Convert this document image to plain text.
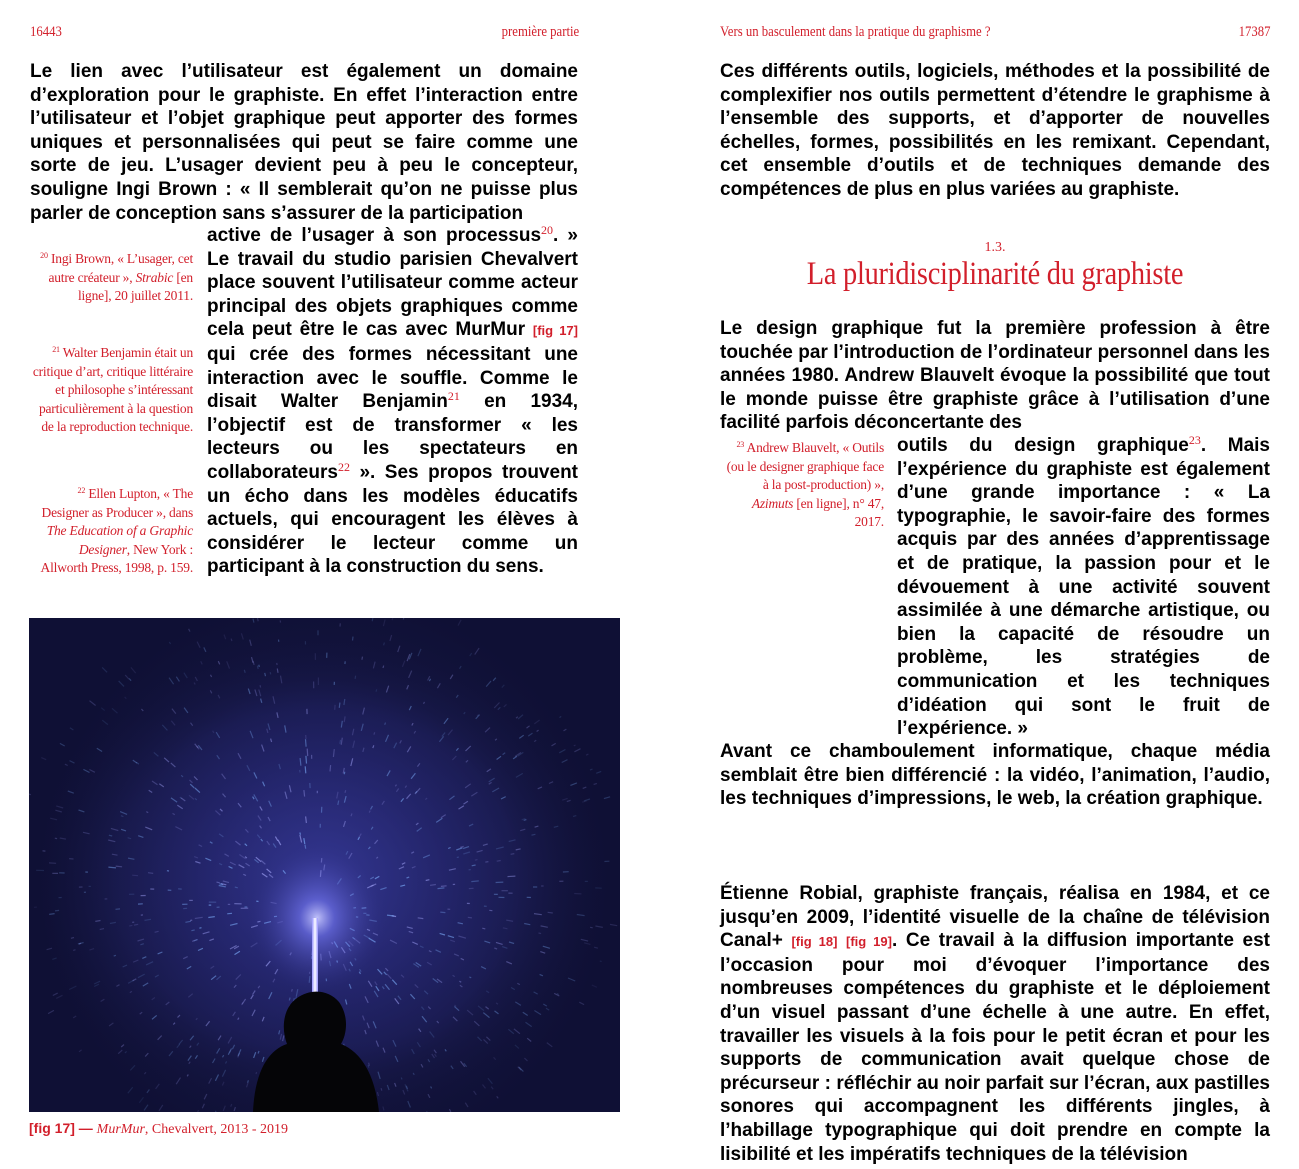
16443	première partie

Le lien avec l’utilisateur est également un domaine d’exploration pour le graphiste. En effet l’interaction entre l’utilisateur et l’objet graphique peut apporter des formes uniques et personnalisées qui peut se faire comme une sorte de jeu. L’usager devient peu à peu le concepteur, souligne Ingi Brown : « Il semblerait qu’on ne puisse plus parler de conception sans s’assurer de la participation

active de l’usager à son processus$^{20}$. » Le travail du studio parisien Chevalvert place souvent l’utilisateur comme acteur principal des objets graphiques comme cela peut être le cas avec MurMur [fig 17] qui crée des formes nécessitant une interaction avec le souffle. Comme le disait Walter Benjamin$^{21}$ en 1934, l’objectif est de transformer « les lecteurs ou les spectateurs en collaborateurs$^{22}$ ». Ses propos trouvent un écho dans les modèles éducatifs actuels, qui encouragent les élèves à considérer le lecteur comme un participant à la construction du sens.

$^{20}$ Ingi Brown, « L’usager, cet autre créateur », Strabic [en ligne], 20 juillet 2011.
$^{21}$ Walter Benjamin était un critique d’art, critique littéraire et philosophe s’intéressant particulièrement à la question de la reproduction technique.
$^{22}$ Ellen Lupton, « The Designer as Producer », dans The Education of a Graphic Designer, New York : Allworth Press, 1998, p. 159.
[fig 17] — MurMur, Chevalvert, 2013 - 2019
Vers un basculement dans la pratique du graphisme ?	17387

Ces différents outils, logiciels, méthodes et la possibilité de complexifier nos outils permettent d’étendre le graphisme à l’ensemble des supports, et d’apporter de nouvelles échelles, formes, possibilités en les remixant. Cependant, cet ensemble d’outils et de techniques demande des compétences de plus en plus variées au graphiste.

1.3.
La pluridisciplinarité du graphiste

Le design graphique fut la première profession à être touchée par l’introduction de l’ordinateur personnel dans les années 1980. Andrew Blauvelt évoque la possibilité que tout le monde puisse être graphiste grâce à l’utilisation d’une facilité parfois déconcertante des

outils du design graphique$^{23}$. Mais l’expérience du graphiste est également d’une grande importance : « La typographie, le savoir-faire des formes acquis par des années d’apprentissage et de pratique, la passion pour et le dévouement à une activité souvent assimilée à une démarche artistique, ou bien la capacité de résoudre un problème, les stratégies de communication et les techniques d’idéation qui sont le fruit de l’expérience. »

$^{23}$ Andrew Blauvelt, « Outils (ou le designer graphique face à la post-production) », Azimuts [en ligne], n° 47, 2017.

Avant ce chamboulement informatique, chaque média semblait être bien différencié : la vidéo, l’animation, l’audio, les techniques d’impressions, le web, la création graphique.

Étienne Robial, graphiste français, réalisa en 1984, et ce jusqu’en 2009, l’identité visuelle de la chaîne de télévision Canal+ [fig 18] [fig 19]. Ce travail à la diffusion importante est l’occasion pour moi d’évoquer l’importance des nombreuses compétences du graphiste et le déploiement d’un visuel passant d’une échelle à une autre. En effet, travailler les visuels à la fois pour le petit écran et pour les supports de communication avait quelque chose de précurseur : réfléchir au noir parfait sur l’écran, aux pastilles sonores qui accompagnent les différents jingles, à l’habillage typographique qui doit prendre en compte la lisibilité et les impératifs techniques de la télévision
